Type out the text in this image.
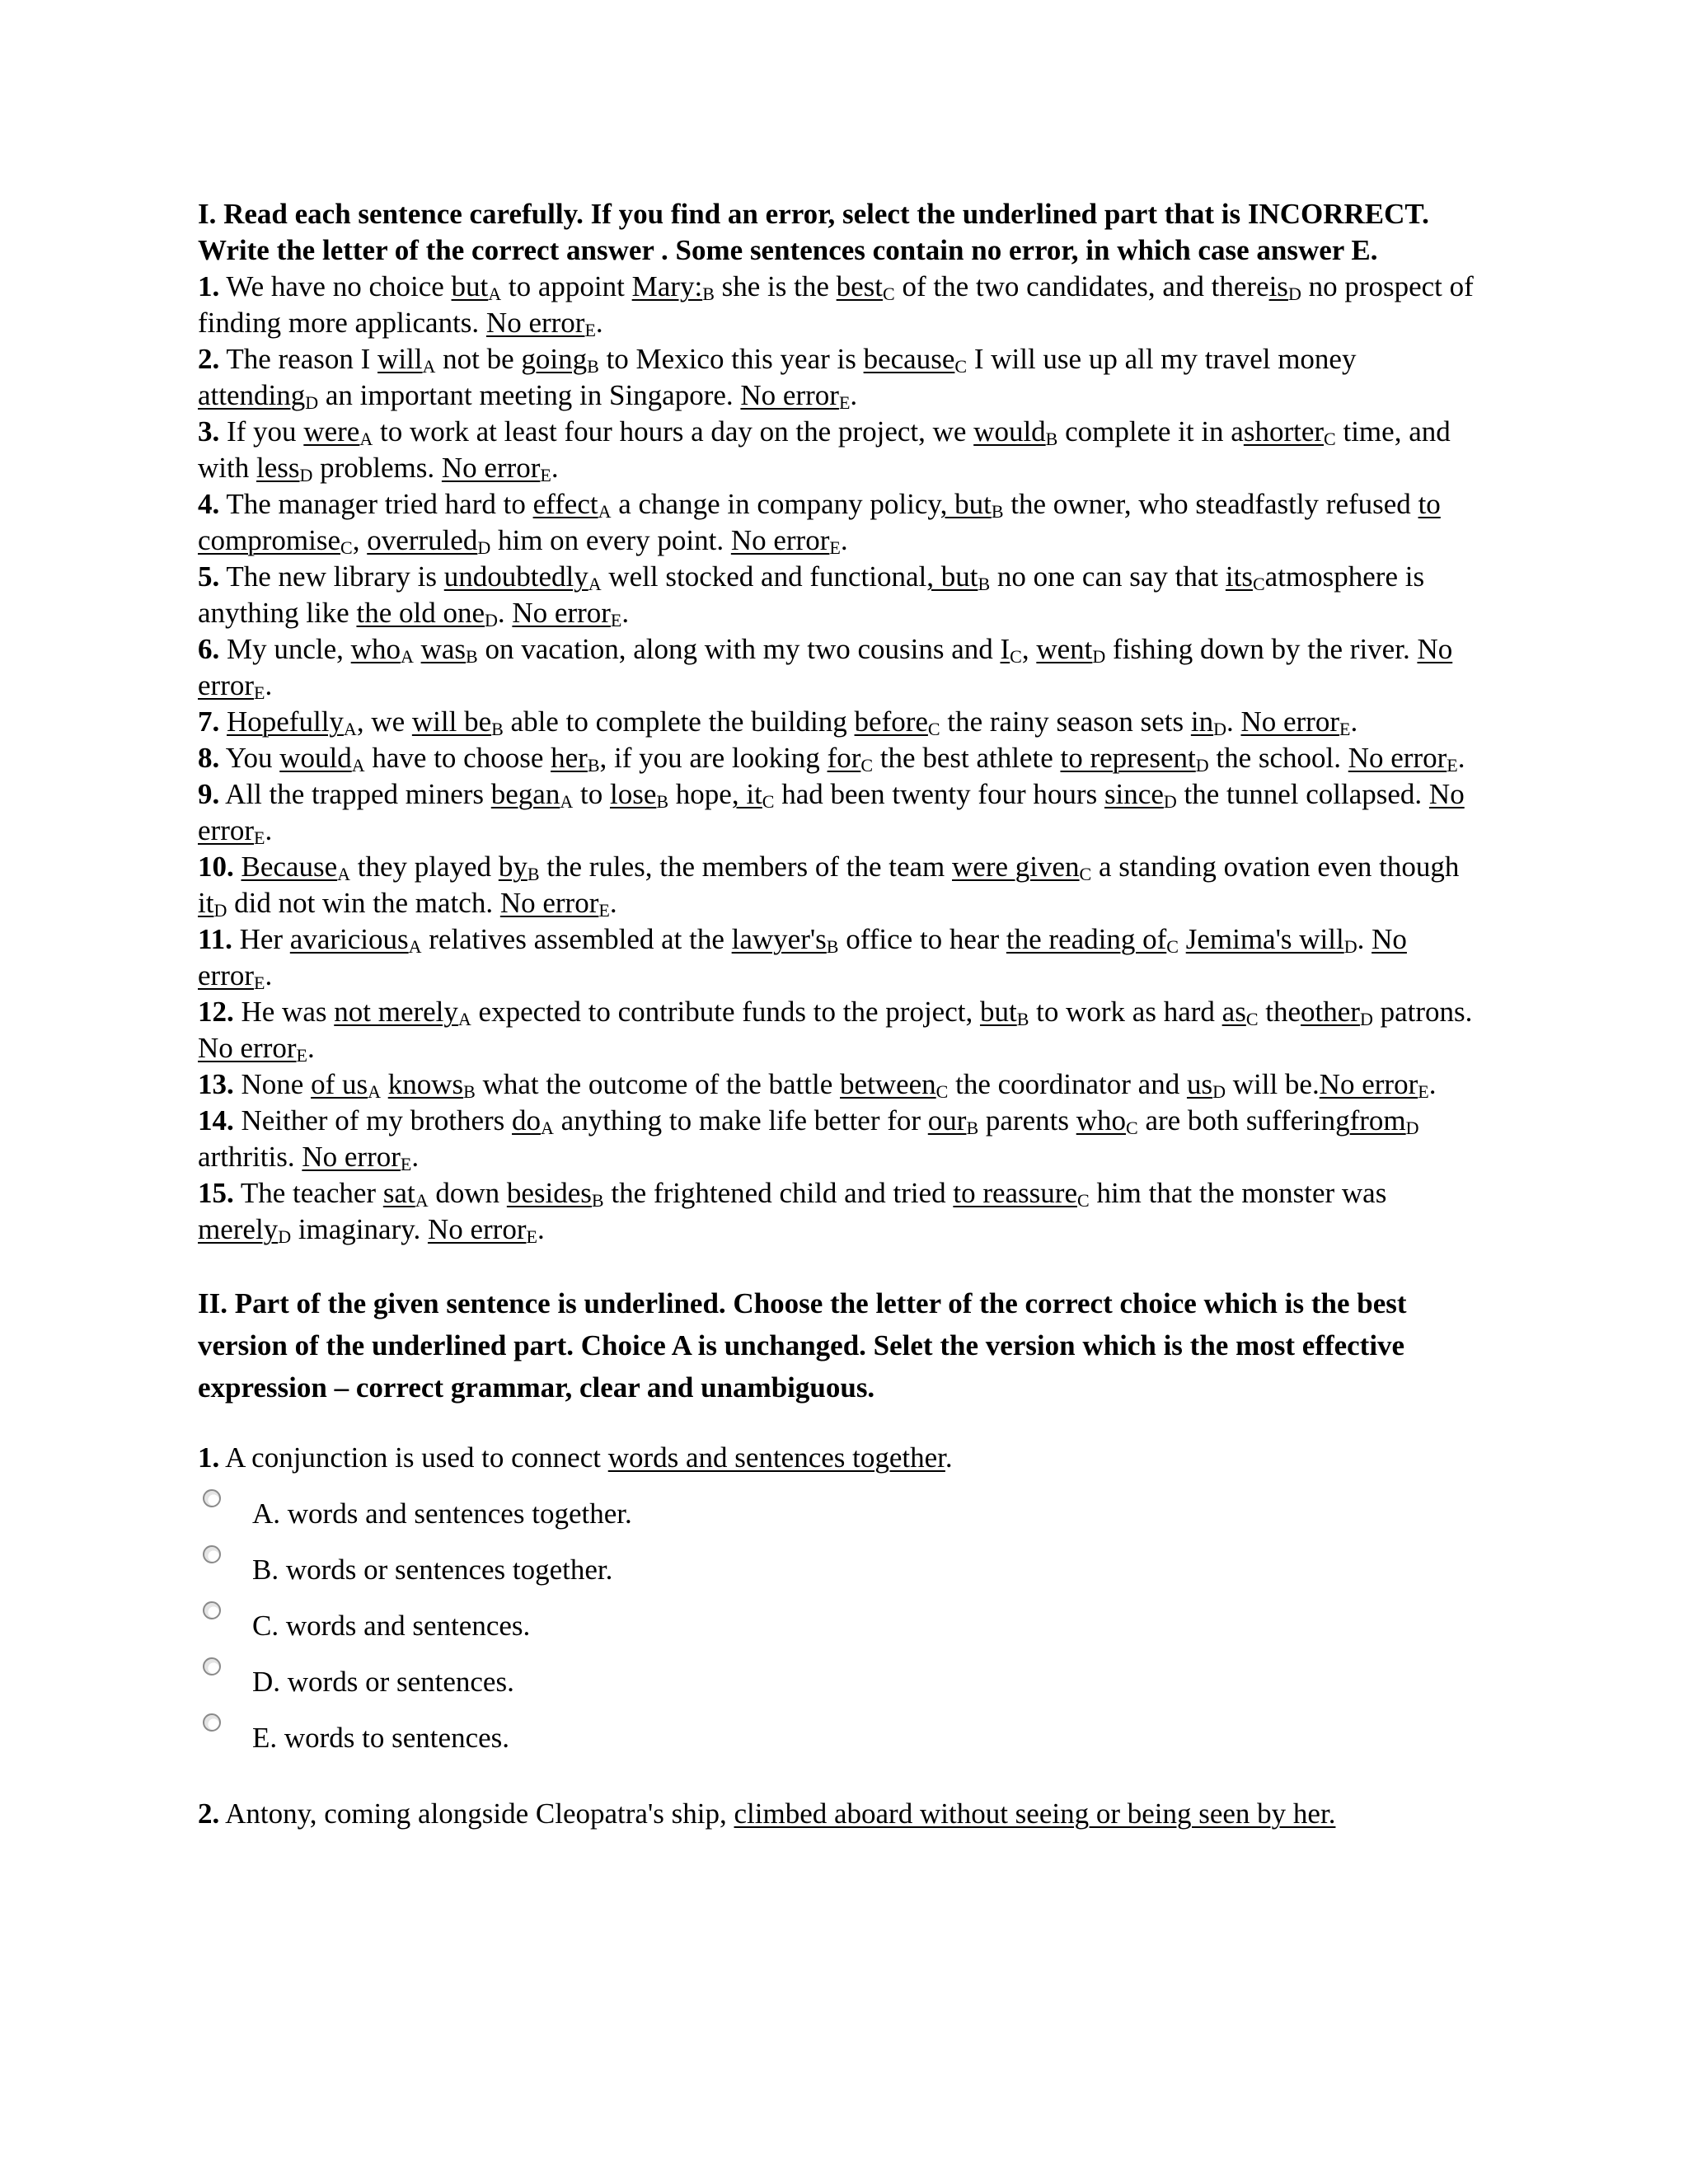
I. Read each sentence carefully. If you find an error, select the underlined part that is INCORRECT. Write the letter of the correct answer . Some sentences contain no error, in which case answer E.

1. We have no choice but$_A$ to appoint $Mary:_B$ she is the best$_C$ of the two candidates, and thereis$_D$ no prospect of finding more applicants. No error$_E$.

2. The reason I will$_A$ not be going$_B$ to Mexico this year is because$_C$ I will use up all my travel money attending$_D$ an important meeting in Singapore. No error$_E$.

3. If you were$_A$ to work at least four hours a day on the project, we would$_B$ complete it in ashorter$_C$ time, and with less$_D$ problems. No error$_E$.

4. The manager tried hard to effect$_A$ a change in company policy, but$_B$ the owner, who steadfastly refused to compromise$_C$, overruled$_D$ him on every point. No error$_E$.

5. The new library is undoubtedly$_A$ well stocked and functional, but$_B$ no one can say that its$_C$atmosphere is anything like the old one$_D$. No error$_E$.

6. My uncle, who$_A$ was$_B$ on vacation, along with my two cousins and $I_C$, went$_D$ fishing down by the river. No error$_E$.

7. Hopefully$_A$, we will $be_B$ able to complete the building before$_C$ the rainy season sets $in_D$. No error$_E$.

8. You would$_A$ have to choose her$_B$, if you are looking for$_C$ the best athlete to represent$_D$ the school. No error$_E$.

9. All the trapped miners began$_A$ to lose$_B$ hope, $it_C$ had been twenty four hours since$_D$ the tunnel collapsed. No error$_E$.

10. Because$_A$ they played $by_B$ the rules, the members of the team were given$_C$ a standing ovation even though $it_D$ did not win the match. No error$_E$.

11. Her avaricious$_A$ relatives assembled at the $lawyer's_B$ office to hear the reading $of_C$ Jemima's will$_D$. No error$_E$.

12. He was not merely$_A$ expected to contribute funds to the project, but$_B$ to work as hard $as_C$ theother$_D$ patrons. No error$_E$.

13. None of $us_A$ knows$_B$ what the outcome of the battle between$_C$ the coordinator and $us_D$ will be.No error$_E$.

14. Neither of my brothers $do_A$ anything to make life better for our$_B$ parents who$_C$ are both sufferingfrom$_D$ arthritis. No error$_E$.

15. The teacher sat$_A$ down besides$_B$ the frightened child and tried to reassure$_C$ him that the monster was merely$_D$ imaginary. No error$_E$.

II. Part of the given sentence is underlined. Choose the letter of the correct choice which is the best version of the underlined part. Choice A is unchanged. Selet the version which is the most effective expression – correct grammar, clear and unambiguous.

1. A conjunction is used to connect words and sentences together.

A. words and sentences together.
B. words or sentences together.
C. words and sentences.
D. words or sentences.
E. words to sentences.

2. Antony, coming alongside Cleopatra's ship, climbed aboard without seeing or being seen by her.
